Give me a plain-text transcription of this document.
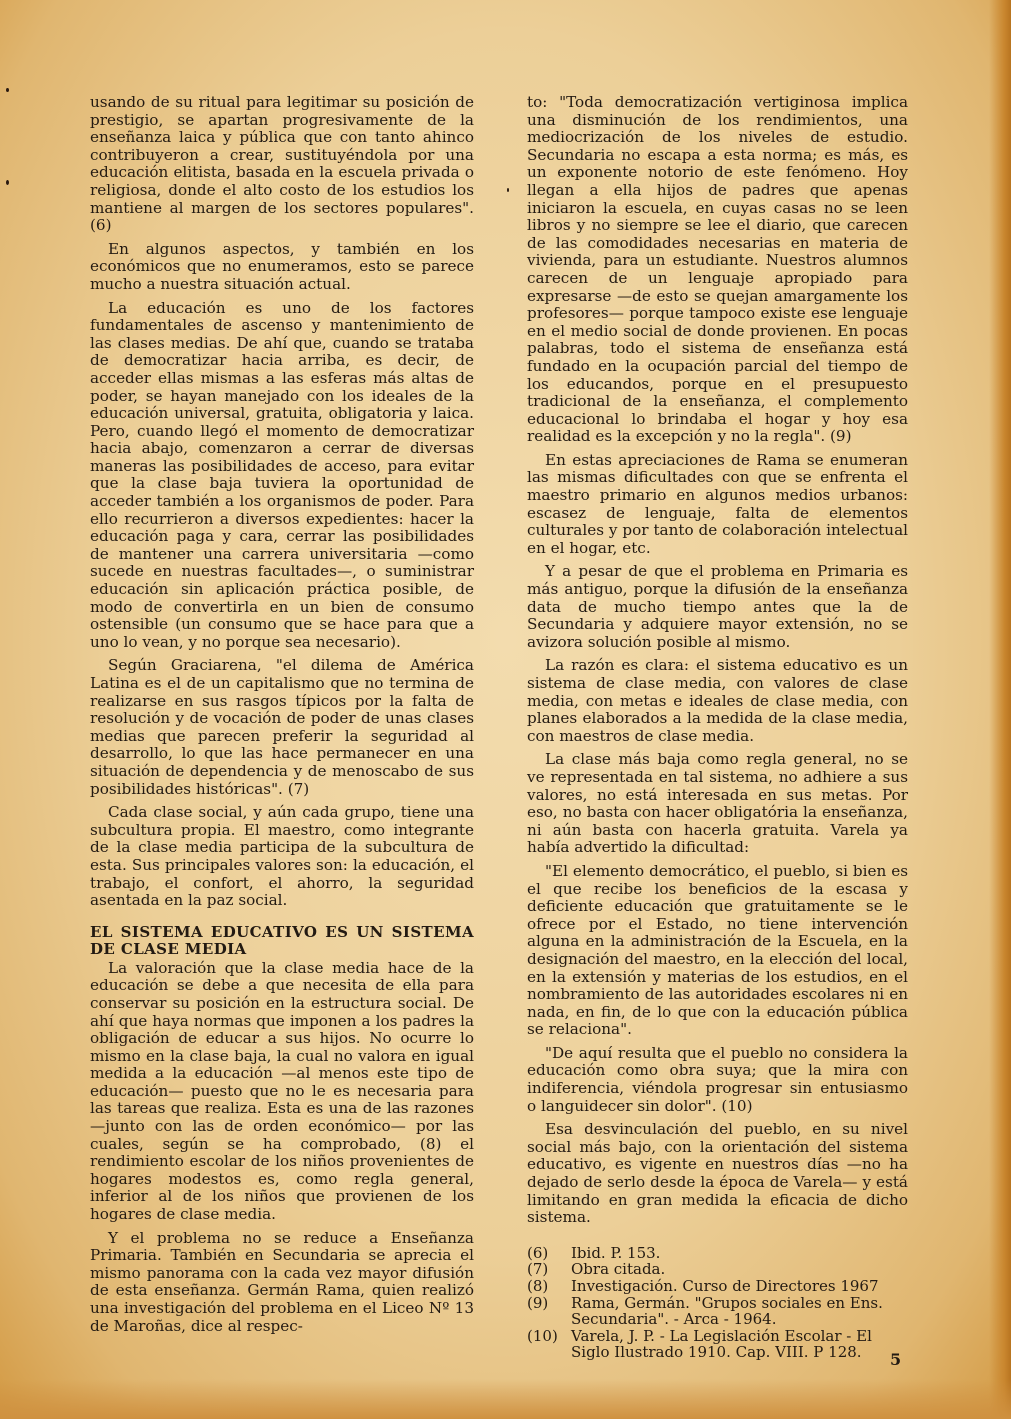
usando de su ritual para legitimar su posición de prestigio, se apartan progresivamente de la enseñanza laica y pública que con tanto ahinco contribuyeron a crear, sustituyéndola por una educación elitista, basada en la escuela privada o religiosa, donde el alto costo de los estudios los mantiene al margen de los sectores populares". (6)

En algunos aspectos, y también en los económicos que no enumeramos, esto se parece mucho a nuestra situación actual.

La educación es uno de los factores fundamentales de ascenso y mantenimiento de las clases medias. De ahí que, cuando se trataba de democratizar hacia arriba, es decir, de acceder ellas mismas a las esferas más altas de poder, se hayan manejado con los ideales de la educación universal, gratuita, obligatoria y laica. Pero, cuando llegó el momento de democratizar hacia abajo, comenzaron a cerrar de diversas maneras las posibilidades de acceso, para evitar que la clase baja tuviera la oportunidad de acceder también a los organismos de poder. Para ello recurrieron a diversos expedientes: hacer la educación paga y cara, cerrar las posibilidades de mantener una carrera universitaria —como sucede en nuestras facultades—, o suministrar educación sin aplicación práctica posible, de modo de convertirla en un bien de consumo ostensible (un consumo que se hace para que a uno lo vean, y no porque sea necesario).

Según Graciarena, "el dilema de América Latina es el de un capitalismo que no termina de realizarse en sus rasgos típicos por la falta de resolución y de vocación de poder de unas clases medias que parecen preferir la seguridad al desarrollo, lo que las hace permanecer en una situación de dependencia y de menoscabo de sus posibilidades históricas". (7)

Cada clase social, y aún cada grupo, tiene una subcultura propia. El maestro, como integrante de la clase media participa de la subcultura de esta. Sus principales valores son: la educación, el trabajo, el confort, el ahorro, la seguridad asentada en la paz social.

EL SISTEMA EDUCATIVO ES UN SISTEMA DE CLASE MEDIA

La valoración que la clase media hace de la educación se debe a que necesita de ella para conservar su posición en la estructura social. De ahí que haya normas que imponen a los padres la obligación de educar a sus hijos. No ocurre lo mismo en la clase baja, la cual no valora en igual medida a la educación —al menos este tipo de educación— puesto que no le es necesaria para las tareas que realiza. Esta es una de las razones —junto con las de orden económico— por las cuales, según se ha comprobado, (8) el rendimiento escolar de los niños provenientes de hogares modestos es, como regla general, inferior al de los niños que provienen de los hogares de clase media.

Y el problema no se reduce a Enseñanza Primaria. También en Secundaria se aprecia el mismo panorama con la cada vez mayor difusión de esta enseñanza. Germán Rama, quien realizó una investigación del problema en el Liceo Nº 13 de Maroñas, dice al respec-

to: "Toda democratización vertiginosa implica una disminución de los rendimientos, una mediocrización de los niveles de estudio. Secundaria no escapa a esta norma; es más, es un exponente notorio de este fenómeno. Hoy llegan a ella hijos de padres que apenas iniciaron la escuela, en cuyas casas no se leen libros y no siempre se lee el diario, que carecen de las comodidades necesarias en materia de vivienda, para un estudiante. Nuestros alumnos carecen de un lenguaje apropiado para expresarse —de esto se quejan amargamente los profesores— porque tampoco existe ese lenguaje en el medio social de donde provienen. En pocas palabras, todo el sistema de enseñanza está fundado en la ocupación parcial del tiempo de los educandos, porque en el presupuesto tradicional de la enseñanza, el complemento educacional lo brindaba el hogar y hoy esa realidad es la excepción y no la regla". (9)

En estas apreciaciones de Rama se enumeran las mismas dificultades con que se enfrenta el maestro primario en algunos medios urbanos: escasez de lenguaje, falta de elementos culturales y por tanto de colaboración intelectual en el hogar, etc.

Y a pesar de que el problema en Primaria es más antiguo, porque la difusión de la enseñanza data de mucho tiempo antes que la de Secundaria y adquiere mayor extensión, no se avizora solución posible al mismo.

La razón es clara: el sistema educativo es un sistema de clase media, con valores de clase media, con metas e ideales de clase media, con planes elaborados a la medida de la clase media, con maestros de clase media.

La clase más baja como regla general, no se ve representada en tal sistema, no adhiere a sus valores, no está interesada en sus metas. Por eso, no basta con hacer obligatória la enseñanza, ni aún basta con hacerla gratuita. Varela ya había advertido la dificultad:

"El elemento democrático, el pueblo, si bien es el que recibe los beneficios de la escasa y deficiente educación que gratuitamente se le ofrece por el Estado, no tiene intervención alguna en la administración de la Escuela, en la designación del maestro, en la elección del local, en la extensión y materias de los estudios, en el nombramiento de las autoridades escolares ni en nada, en fin, de lo que con la educación pública se relaciona".

"De aquí resulta que el pueblo no considera la educación como obra suya; que la mira con indiferencia, viéndola progresar sin entusiasmo o languidecer sin dolor". (10)

Esa desvinculación del pueblo, en su nivel social más bajo, con la orientación del sistema educativo, es vigente en nuestros días —no ha dejado de serlo desde la época de Varela— y está limitando en gran medida la eficacia de dicho sistema.

(6)	Ibid. P. 153.
(7)	Obra citada.
(8)	Investigación. Curso de Directores 1967
(9)	Rama, Germán. "Grupos sociales en Ens. Secundaria". - Arca - 1964.
(10) Varela, J. P. - La Legislación Escolar - El Siglo Ilustrado 1910. Cap. VIII. P 128.	5
